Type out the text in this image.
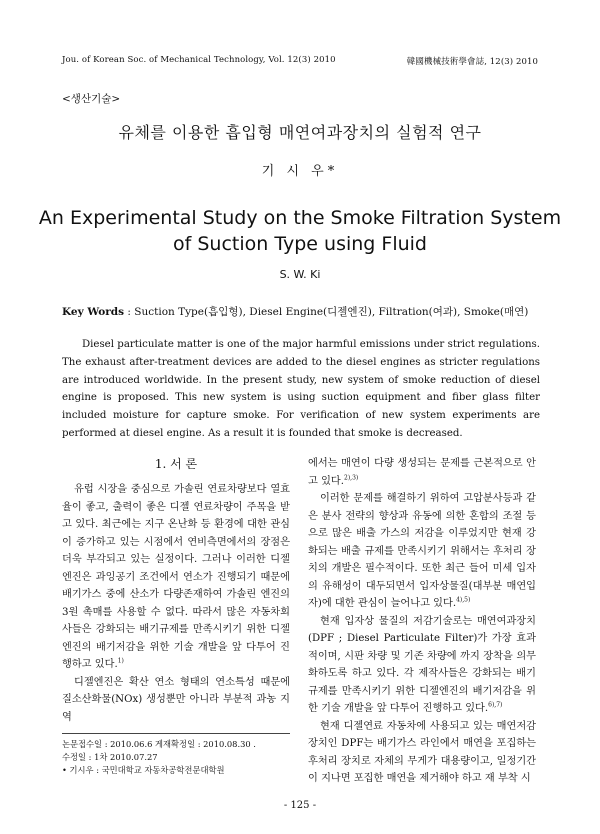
Jou. of Korean Soc. of Mechanical Technology, Vol. 12(3) 2010	韓國機械技術學會誌, 12(3) 2010
<생산기술>
유체를 이용한 흡입형 매연여과장치의 실험적 연구
기 시 우*
An Experimental Study on the Smoke Filtration System
of Suction Type using Fluid
S. W. Ki
Key Words : Suction Type(흡입형), Diesel Engine(디젤엔진), Filtration(여과), Smoke(매연)

Diesel particulate matter is one of the major harmful emissions under strict regulations. The exhaust after-treatment devices are added to the diesel engines as stricter regulations are introduced worldwide. In the present study, new system of smoke reduction of diesel engine is proposed. This new system is using suction equipment and fiber glass filter included moisture for capture smoke. For verification of new system experiments are performed at diesel engine. As a result it is founded that smoke is decreased.

1. 서 론

유럽 시장을 중심으로 가솔린 연료차량보다 열효율이 좋고, 출력이 좋은 디젤 연료차량이 주목을 받고 있다. 최근에는 지구 온난화 등 환경에 대한 관심이 증가하고 있는 시점에서 연비측면에서의 장점은 더욱 부각되고 있는 실정이다. 그러나 이러한 디젤엔진은 과잉공기 조건에서 연소가 진행되기 때문에 배기가스 중에 산소가 다량존재하여 가솔린 엔진의 3원 촉매를 사용할 수 없다. 따라서 많은 자동차회사들은 강화되는 배기규제를 만족시키기 위한 디젤엔진의 배기저감을 위한 기술 개발을 앞 다투어 진행하고 있다.$^{1)}$

디젤엔진은 확산 연소 형태의 연소특성 때문에 질소산화물(NOx) 생성뿐만 아니라 부분적 과농 지역

에서는 매연이 다량 생성되는 문제를 근본적으로 안고 있다.$^{2),3)}$

이러한 문제를 해결하기 위하여 고압분사등과 같은 분사 전략의 향상과 유동에 의한 혼합의 조절 등으로 많은 배출 가스의 저감을 이루었지만 현재 강화되는 배출 규제를 만족시키기 위해서는 후처리 장치의 개발은 필수적이다. 또한 최근 들어 미세 입자의 유해성이 대두되면서 입자상물질(대부분 매연입자)에 대한 관심이 늘어나고 있다.$^{4),5)}$

현재 입자상 물질의 저감기술로는 매연여과장치(DPF ; Diesel Particulate Filter)가 가장 효과적이며, 시판 차량 및 기존 차량에 까지 장착을 의무화하도록 하고 있다. 각 제작사들은 강화되는 배기규제를 만족시키기 위한 디젤엔진의 배기저감을 위한 기술 개발을 앞 다투어 진행하고 있다.$^{6),7)}$

현재 디젤연료 자동차에 사용되고 있는 매연저감장치인 DPF는 배기가스 라인에서 매연을 포집하는 후처리 장치로 자체의 무게가 대용량이고, 일정기간이 지나면 포집한 매연을 제거해야 하고 재 부착 시

논문접수일 : 2010.06.6 게재확정일 : 2010.08.30 .
수정일 : 1차 2010.07.27
• 기시우 : 국민대학교 자동차공학전문대학원
- 125 -
